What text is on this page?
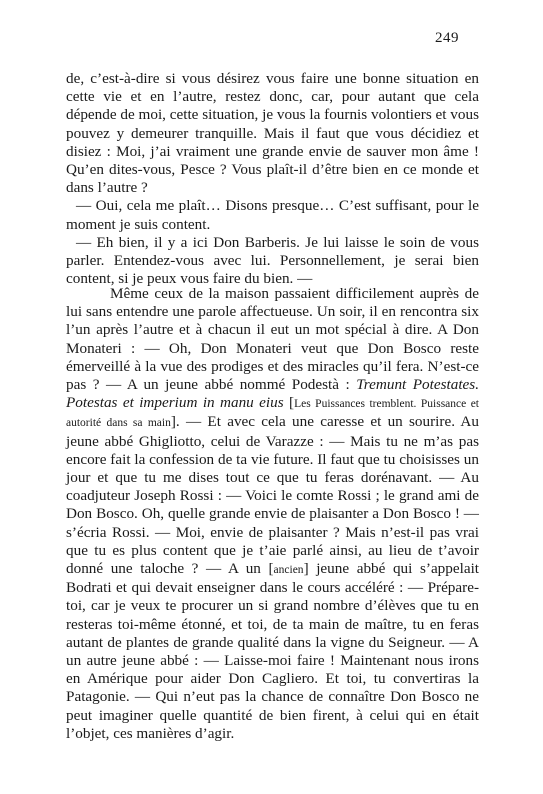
249

de, c’est-à-dire si vous désirez vous faire une bonne situation en cette vie et en l’autre, restez donc, car, pour autant que cela dépende de moi, cette situation, je vous la fournis volontiers et vous pouvez y demeurer tranquille. Mais il faut que vous décidiez et disiez : Moi, j’ai vraiment une grande envie de sauver mon âme ! Qu’en dites-vous, Pesce ? Vous plaît-il d’être bien en ce monde et dans l’autre ?

— Oui, cela me plaît… Disons presque… C’est suffisant, pour le moment je suis content.

— Eh bien, il y a ici Don Barberis. Je lui laisse le soin de vous parler. Entendez-vous avec lui. Personnellement, je serai bien content, si je peux vous faire du bien. —

Même ceux de la maison passaient difficilement auprès de lui sans entendre une parole affectueuse. Un soir, il en rencontra six l’un après l’autre et à chacun il eut un mot spécial à dire. A Don Monateri : — Oh, Don Monateri veut que Don Bosco reste émerveillé à la vue des prodiges et des miracles qu’il fera. N’est-ce pas ? — A un jeune abbé nommé Podestà : Tremunt Potestates. Potestas et imperium in manu eius [Les Puissances tremblent. Puissance et autorité dans sa main]. — Et avec cela une caresse et un sourire. Au jeune abbé Ghigliotto, celui de Varazze : — Mais tu ne m’as pas encore fait la confession de ta vie future. Il faut que tu choisisses un jour et que tu me dises tout ce que tu feras dorénavant. — Au coadjuteur Joseph Rossi : — Voici le comte Rossi ; le grand ami de Don Bosco. Oh, quelle grande envie de plaisanter a Don Bosco ! — s’écria Rossi. — Moi, envie de plaisanter ? Mais n’est-il pas vrai que tu es plus content que je t’aie parlé ainsi, au lieu de t’avoir donné une taloche ? — A un [ancien] jeune abbé qui s’appelait Bodrati et qui devait enseigner dans le cours accéléré : — Prépare-toi, car je veux te procurer un si grand nombre d’élèves que tu en resteras toi-même étonné, et toi, de ta main de maître, tu en feras autant de plantes de grande qualité dans la vigne du Seigneur. — A un autre jeune abbé : — Laisse-moi faire ! Maintenant nous irons en Amérique pour aider Don Cagliero. Et toi, tu convertiras la Patagonie. — Qui n’eut pas la chance de connaître Don Bosco ne peut imaginer quelle quantité de bien firent, à celui qui en était l’objet, ces manières d’agir.
